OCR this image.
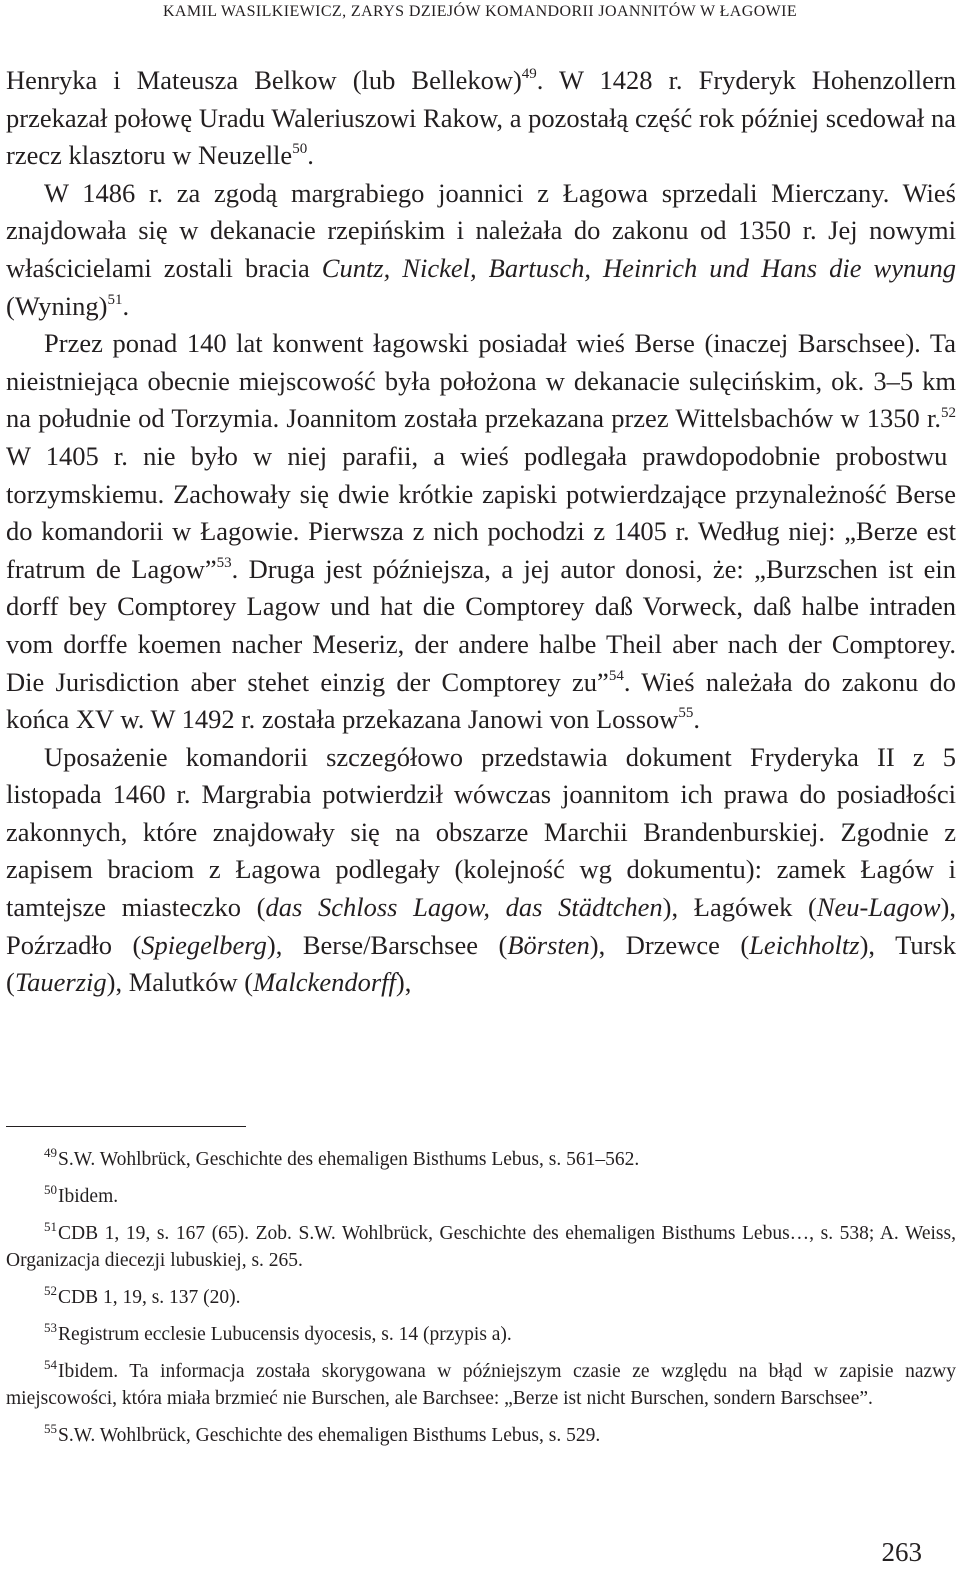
KAMIL WASILKIEWICZ, ZARYS DZIEJÓW KOMANDORII JOANNITÓW W ŁAGOWIE

Henryka i Mateusza Belkow (lub Bellekow)$^{49}$. W 1428 r. Fryderyk Hohenzollern przekazał połowę Uradu Waleriuszowi Rakow, a pozostałą część rok później scedował na rzecz klasztoru w Neuzelle$^{50}$.

W 1486 r. za zgodą margrabiego joannici z Łagowa sprzedali Mierczany. Wieś znajdowała się w dekanacie rzepińskim i należała do zakonu od 1350 r. Jej nowymi właścicielami zostali bracia Cuntz, Nickel, Bartusch, Heinrich und Hans die wynung (Wyning)$^{51}$.

Przez ponad 140 lat konwent łagowski posiadał wieś Berse (inaczej Barschsee). Ta nieistniejąca obecnie miejscowość była położona w dekanacie sulęcińskim, ok. 3–5 km na południe od Torzymia. Joannitom została przekazana przez Wittelsbachów w 1350 r.$^{52}$ W 1405 r. nie było w niej parafii, a wieś podlegała prawdopodobnie probostwu torzymskiemu. Zachowały się dwie krótkie zapiski potwierdzające przynależność Berse do komandorii w Łagowie. Pierwsza z nich pochodzi z 1405 r. Według niej: „Berze est fratrum de Lagow”$^{53}$. Druga jest późniejsza, a jej autor donosi, że: „Burzschen ist ein dorff bey Comptorey Lagow und hat die Comptorey daß Vorweck, daß halbe intraden vom dorffe koemen nacher Meseriz, der andere halbe Theil aber nach der Comptorey. Die Jurisdiction aber stehet einzig der Comptorey zu”$^{54}$. Wieś należała do zakonu do końca XV w. W 1492 r. została przekazana Janowi von Lossow$^{55}$.

Uposażenie komandorii szczegółowo przedstawia dokument Fryderyka II z 5 listopada 1460 r. Margrabia potwierdził wówczas joannitom ich prawa do posiadłości zakonnych, które znajdowały się na obszarze Marchii Brandenburskiej. Zgodnie z zapisem braciom z Łagowa podlegały (kolejność wg dokumentu): zamek Łagów i tamtejsze miasteczko (das Schloss Lagow, das Städtchen), Łagówek (Neu-Lagow), Poźrzadło (Spiegelberg), Berse/Barschsee (Börsten), Drzewce (Leichholtz), Tursk (Tauerzig), Malutków (Malckendorff),

$^{49}$S.W. Wohlbrück, Geschichte des ehemaligen Bisthums Lebus, s. 561–562.

$^{50}$Ibidem.

$^{51}$CDB 1, 19, s. 167 (65). Zob. S.W. Wohlbrück, Geschichte des ehemaligen Bisthums Lebus…, s. 538; A. Weiss, Organizacja diecezji lubuskiej, s. 265.

$^{52}$CDB 1, 19, s. 137 (20).

$^{53}$Registrum ecclesie Lubucensis dyocesis, s. 14 (przypis a).

$^{54}$Ibidem. Ta informacja została skorygowana w późniejszym czasie ze względu na błąd w zapisie nazwy miejscowości, która miała brzmieć nie Burschen, ale Barchsee: „Berze ist nicht Burschen, sondern Barschsee”.

$^{55}$S.W. Wohlbrück, Geschichte des ehemaligen Bisthums Lebus, s. 529.

263
